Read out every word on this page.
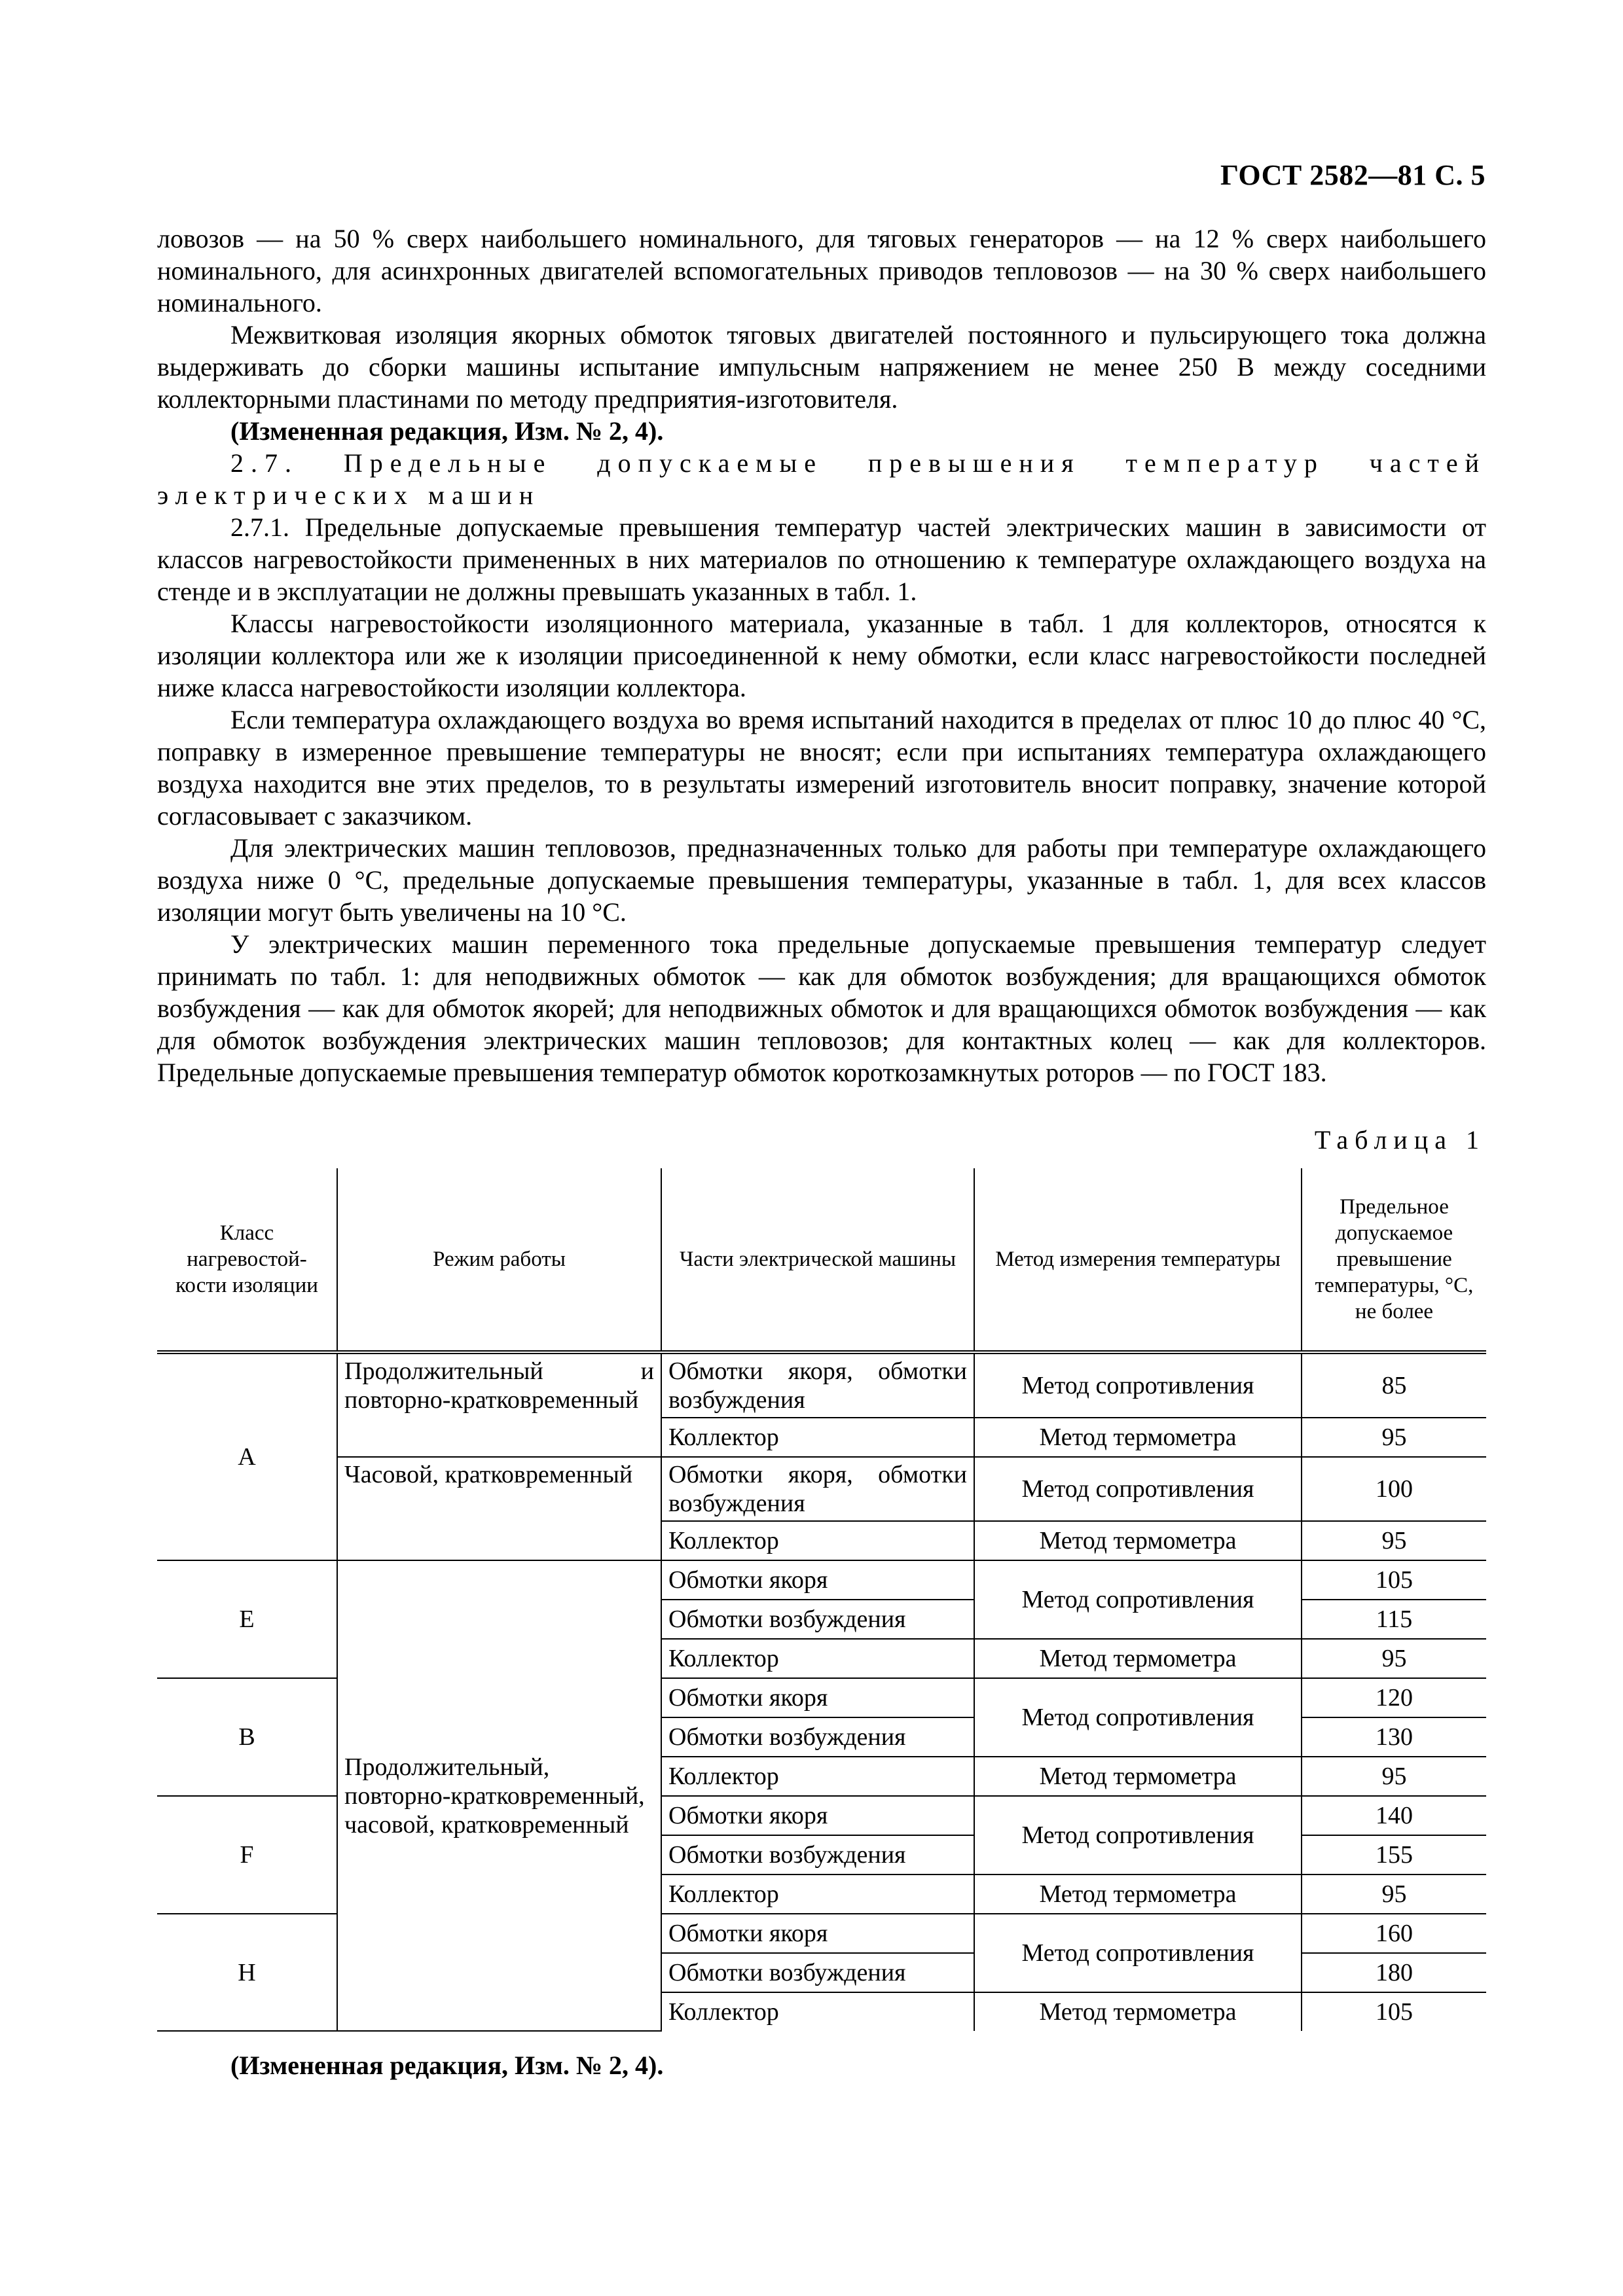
ГОСТ 2582—81 С. 5

ловозов — на 50 % сверх наибольшего номинального, для тяговых генераторов — на 12 % сверх наибольшего номинального, для асинхронных двигателей вспомогательных приводов тепловозов — на 30 % сверх наибольшего номинального.

Межвитковая изоляция якорных обмоток тяговых двигателей постоянного и пульсирующего тока должна выдерживать до сборки машины испытание импульсным напряжением не менее 250 В между соседними коллекторными пластинами по методу предприятия-изготовителя.

(Измененная редакция, Изм. № 2, 4).

2.7. Предельные допускаемые превышения температур частей электрических машин

2.7.1. Предельные допускаемые превышения температур частей электрических машин в зависимости от классов нагревостойкости примененных в них материалов по отношению к температуре охлаждающего воздуха на стенде и в эксплуатации не должны превышать указанных в табл. 1.

Классы нагревостойкости изоляционного материала, указанные в табл. 1 для коллекторов, относятся к изоляции коллектора или же к изоляции присоединенной к нему обмотки, если класс нагревостойкости последней ниже класса нагревостойкости изоляции коллектора.

Если температура охлаждающего воздуха во время испытаний находится в пределах от плюс 10 до плюс 40 °С, поправку в измеренное превышение температуры не вносят; если при испытаниях температура охлаждающего воздуха находится вне этих пределов, то в результаты измерений изготовитель вносит поправку, значение которой согласовывает с заказчиком.

Для электрических машин тепловозов, предназначенных только для работы при температуре охлаждающего воздуха ниже 0 °С, предельные допускаемые превышения температуры, указанные в табл. 1, для всех классов изоляции могут быть увеличены на 10 °С.

У электрических машин переменного тока предельные допускаемые превышения температур следует принимать по табл. 1: для неподвижных обмоток — как для обмоток возбуждения; для вращающихся обмоток возбуждения — как для обмоток якорей; для неподвижных обмоток и для вращающихся обмоток возбуждения — как для обмоток возбуждения электрических машин тепловозов; для контактных колец — как для коллекторов. Предельные допускаемые превышения температур обмоток короткозамкнутых роторов — по ГОСТ 183.

Таблица 1
Класс нагревостой-кости изоляции	Режим работы	Части электрической машины	Метод измерения температуры	Предельное допускаемое превышение температуры, °С, не более
А	Продолжительный и повторно-кратковременный	Обмотки якоря, обмотки возбуждения	Метод сопротивления	85
		Коллектор	Метод термометра	95
	Часовой, кратковременный	Обмотки якоря, обмотки возбуждения	Метод сопротивления	100
		Коллектор	Метод термометра	95
Е	Продолжительный, повторно-кратковременный, часовой, кратковременный	Обмотки якоря	Метод сопротивления	105
		Обмотки возбуждения		115
		Коллектор	Метод термометра	95
В		Обмотки якоря	Метод сопротивления	120
		Обмотки возбуждения		130
		Коллектор	Метод термометра	95
F		Обмотки якоря	Метод сопротивления	140
		Обмотки возбуждения		155
		Коллектор	Метод термометра	95
Н		Обмотки якоря	Метод сопротивления	160
		Обмотки возбуждения		180
		Коллектор	Метод термометра	105
(Измененная редакция, Изм. № 2, 4).
